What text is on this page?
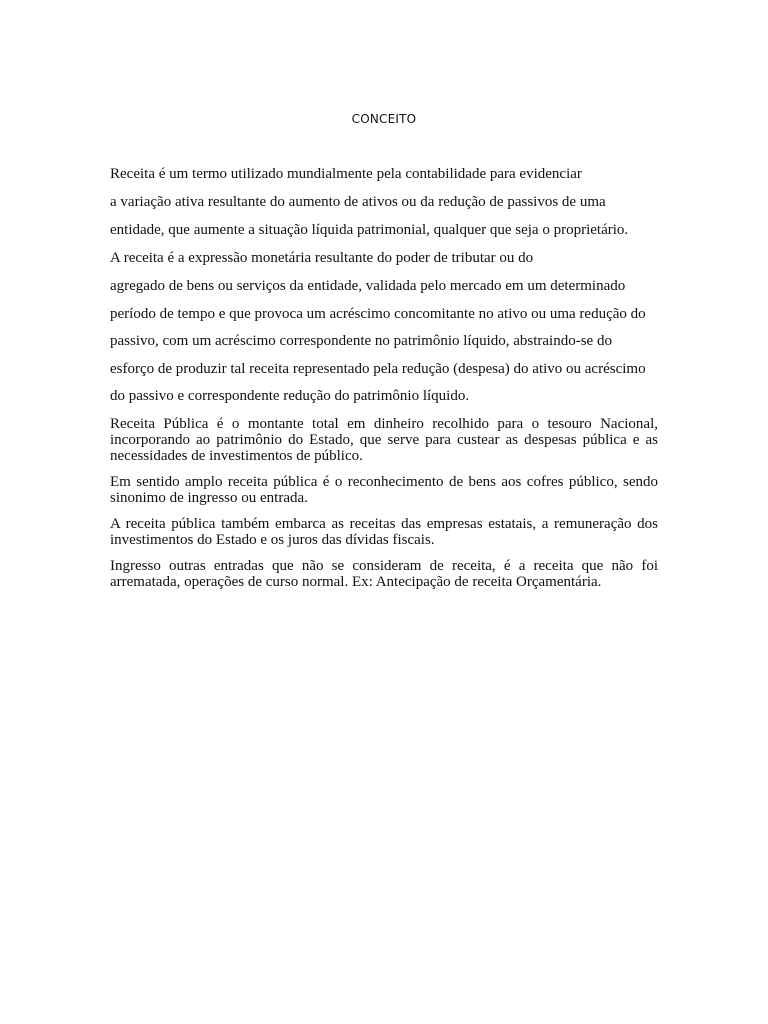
CONCEITO

Receita é um termo utilizado mundialmente pela contabilidade para evidenciar

a variação ativa resultante do aumento de ativos ou da redução de passivos de uma

entidade, que aumente a situação líquida patrimonial, qualquer que seja o proprietário.

A receita é a expressão monetária resultante do poder de tributar ou do

agregado de bens ou serviços da entidade, validada pelo mercado em um determinado

período de tempo e que provoca um acréscimo concomitante no ativo ou uma redução do

passivo, com um acréscimo correspondente no patrimônio líquido, abstraindo-se do

esforço de produzir tal receita representado pela redução (despesa) do ativo ou acréscimo

do passivo e correspondente redução do patrimônio líquido.

Receita Pública é o montante total em dinheiro recolhido para o tesouro Nacional, incorporando ao patrimônio do Estado, que serve para custear as despesas pública e as necessidades de investimentos de público.

Em sentido amplo receita pública é o reconhecimento de bens aos cofres público, sendo sinonimo de ingresso ou entrada.

A receita pública também embarca as receitas das empresas estatais, a remuneração dos investimentos do Estado e os juros das dívidas fiscais.

Ingresso outras entradas que não se consideram de receita, é a receita que não foi arrematada, operações de curso normal. Ex: Antecipação de receita Orçamentária.
